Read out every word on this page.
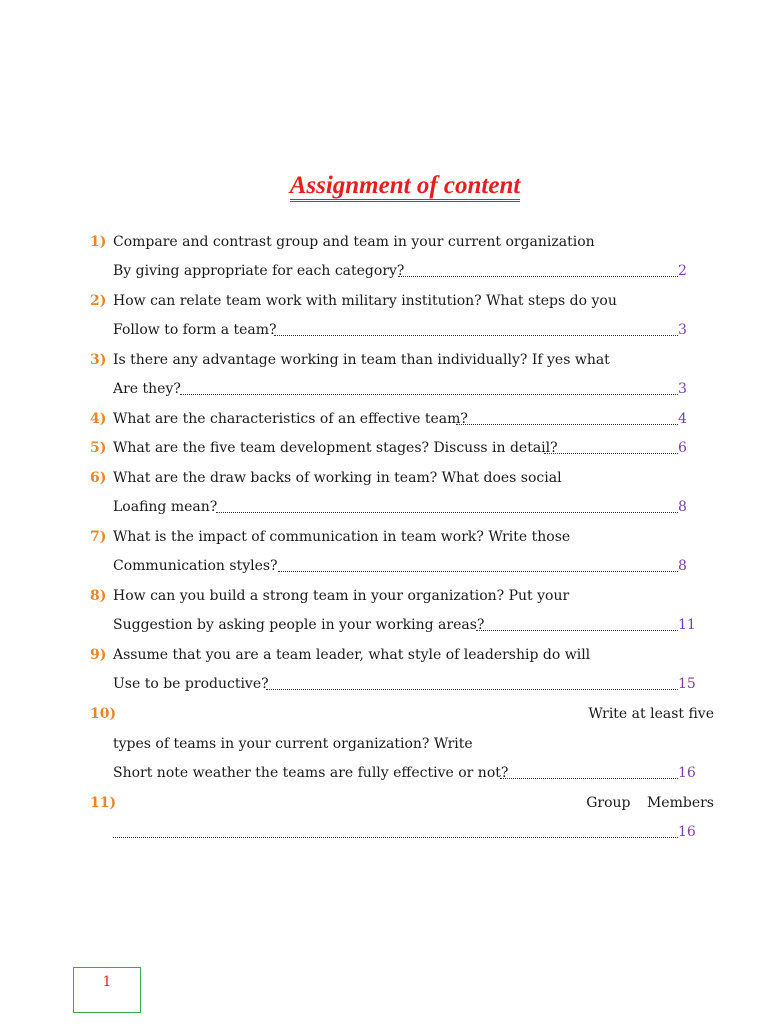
Assignment of content
1) Compare and contrast group and team in your current organization
By giving appropriate for each category?	2
2) How can relate team work with military institution? What steps do you
Follow to form a team?	3
3) Is there any advantage working in team than individually? If yes what
Are they?	3
4) What are the characteristics of an effective team?	4
5) What are the five team development stages? Discuss in detail?	6
6) What are the draw backs of working in team? What does social
Loafing mean?	8
7) What is the impact of communication in team work? Write those
Communication styles?	8
8) How can you build a strong team in your organization? Put your
Suggestion by asking people in your working areas?	11
9) Assume that you are a team leader, what style of leadership do will
Use to be productive?	15
10)	Write at least five
types of teams in your current organization? Write
Short note weather the teams are fully effective or not?	16
11)	Group Members
16
1
